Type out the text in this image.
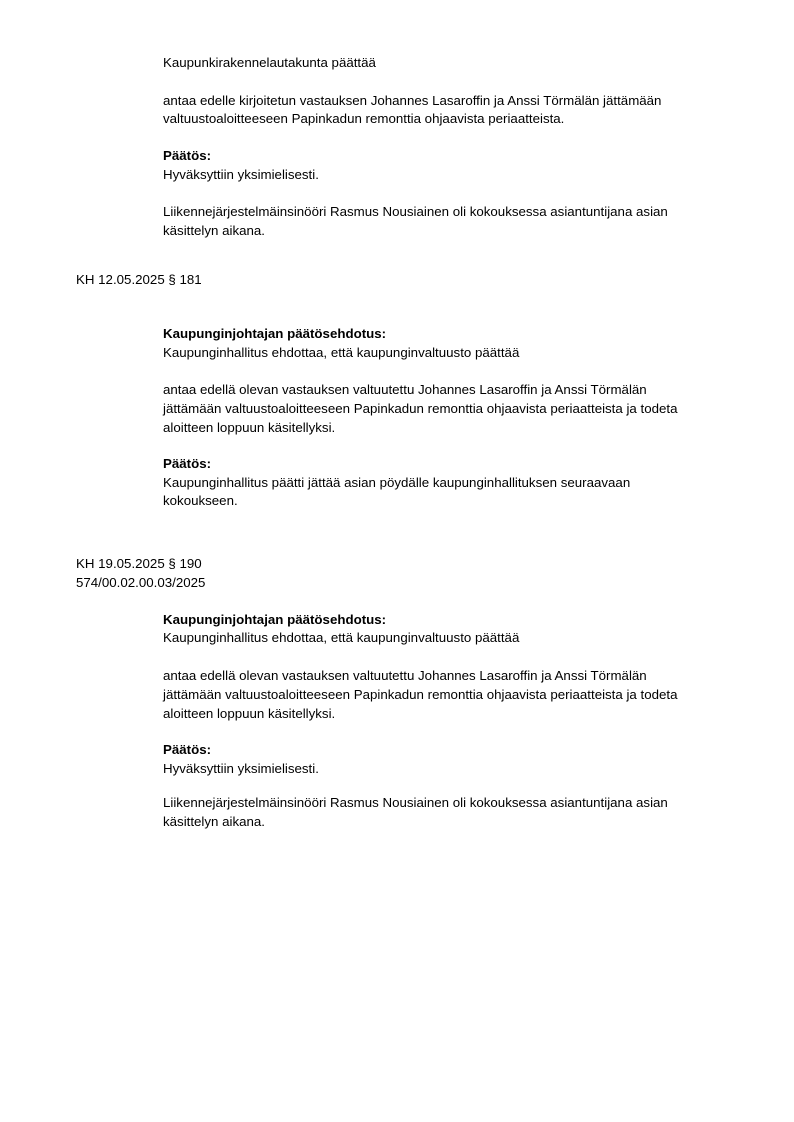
Kaupunkirakennelautakunta päättää

antaa edelle kirjoitetun vastauksen Johannes Lasaroffin ja Anssi Törmälän jättämään

valtuustoaloitteeseen Papinkadun remonttia ohjaavista periaatteista.

Päätös:

Hyväksyttiin yksimielisesti.

Liikennejärjestelmäinsinööri Rasmus Nousiainen oli kokouksessa asiantuntijana asian

käsittelyn aikana.

KH 12.05.2025 § 181

Kaupunginjohtajan päätösehdotus:

Kaupunginhallitus ehdottaa, että kaupunginvaltuusto päättää

antaa edellä olevan vastauksen valtuutettu Johannes Lasaroffin ja Anssi Törmälän

jättämään valtuustoaloitteeseen Papinkadun remonttia ohjaavista periaatteista ja todeta

aloitteen loppuun käsitellyksi.

Päätös:

Kaupunginhallitus päätti jättää asian pöydälle kaupunginhallituksen seuraavaan

kokoukseen.

KH 19.05.2025 § 190

574/00.02.00.03/2025

Kaupunginjohtajan päätösehdotus:

Kaupunginhallitus ehdottaa, että kaupunginvaltuusto päättää

antaa edellä olevan vastauksen valtuutettu Johannes Lasaroffin ja Anssi Törmälän

jättämään valtuustoaloitteeseen Papinkadun remonttia ohjaavista periaatteista ja todeta

aloitteen loppuun käsitellyksi.

Päätös:

Hyväksyttiin yksimielisesti.

Liikennejärjestelmäinsinööri Rasmus Nousiainen oli kokouksessa asiantuntijana asian

käsittelyn aikana.
